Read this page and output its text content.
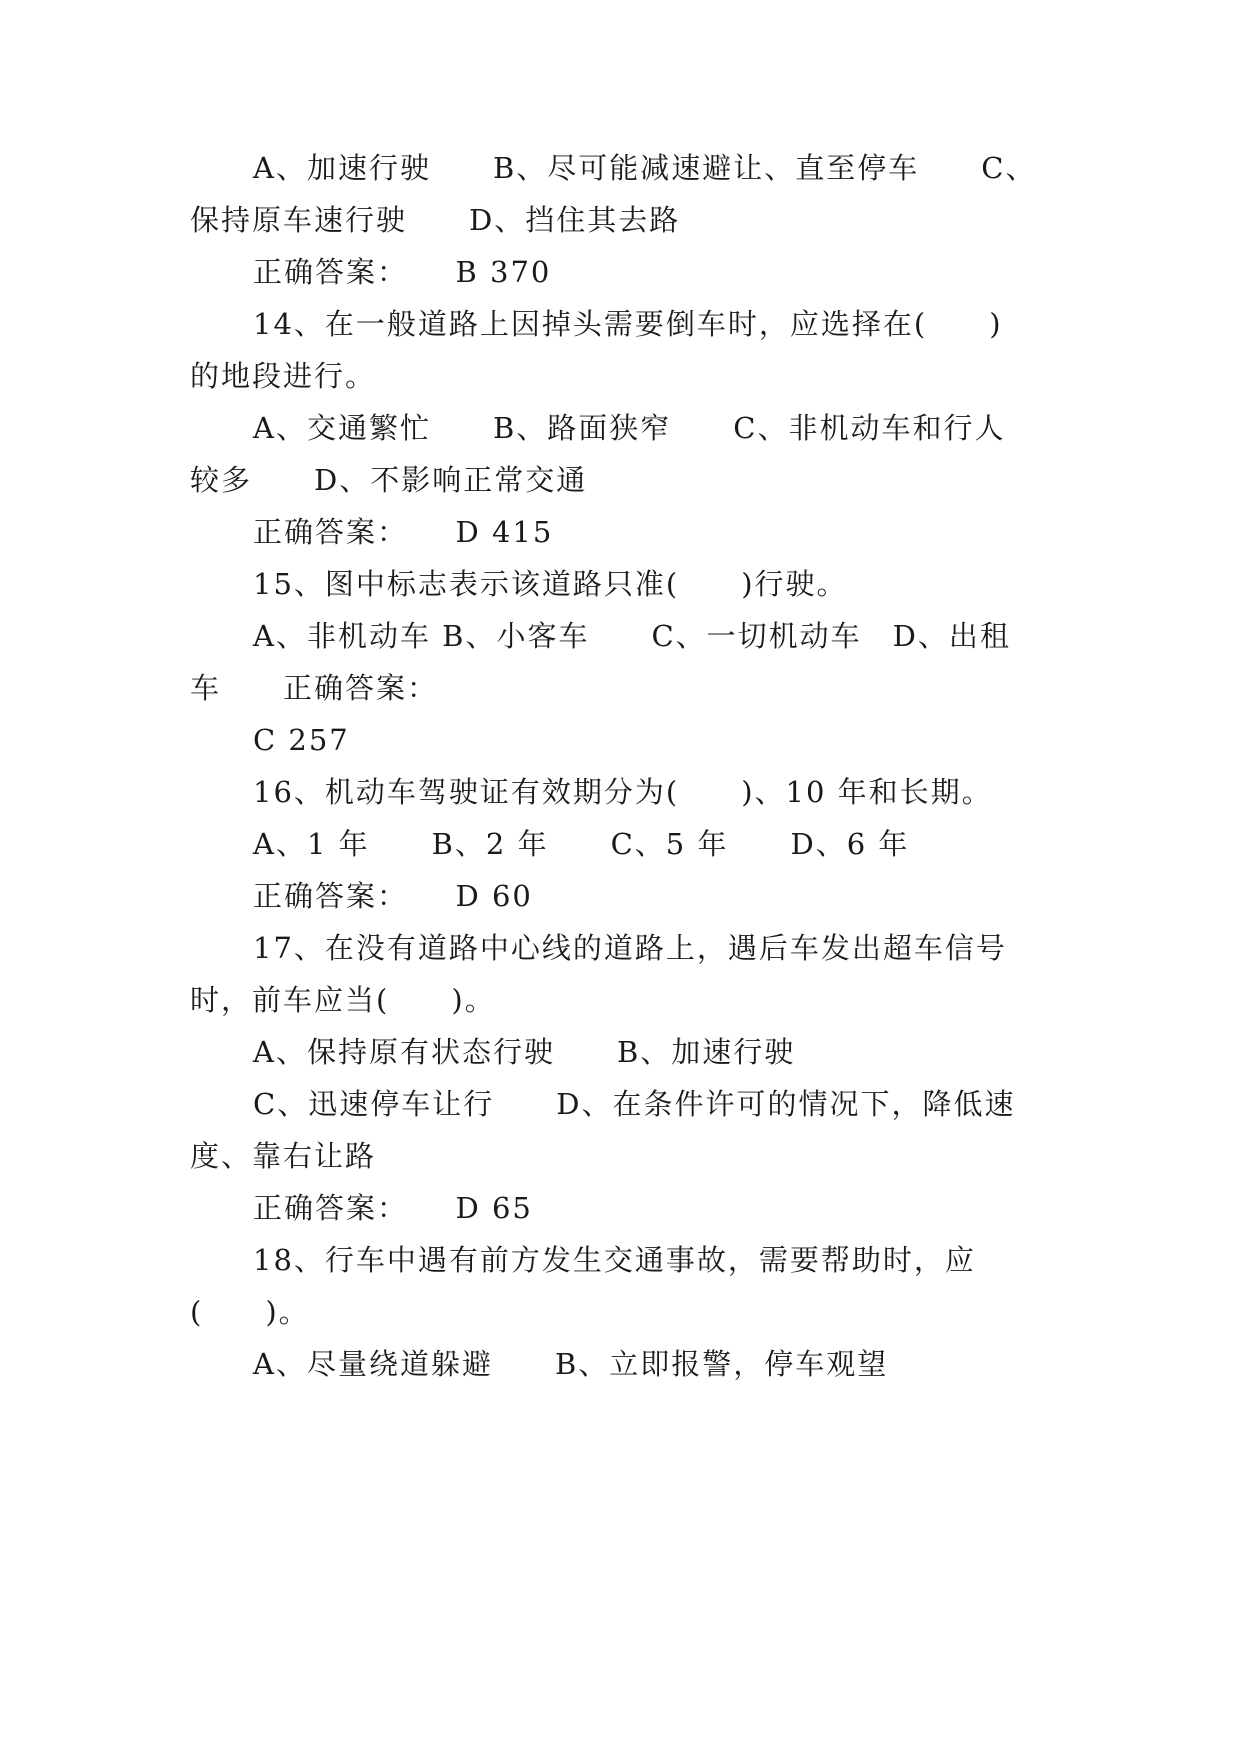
A、加速行驶　　B、尽可能减速避让、直至停车　　C、
保持原车速行驶　　D、挡住其去路
正确答案：　　B 370
14、在一般道路上因掉头需要倒车时，应选择在(　　)
的地段进行。
A、交通繁忙　　B、路面狭窄　　C、非机动车和行人
较多　　D、不影响正常交通
正确答案：　　D 415
15、图中标志表示该道路只准(　　)行驶。
A、非机动车 B、小客车　　C、一切机动车　D、出租
车　　正确答案：
C 257
16、机动车驾驶证有效期分为(　　)、10 年和长期。
A、1 年　　B、2 年　　C、5 年　　D、6 年
正确答案：　　D 60
17、在没有道路中心线的道路上，遇后车发出超车信号
时，前车应当(　　)。
A、保持原有状态行驶　　B、加速行驶
C、迅速停车让行　　D、在条件许可的情况下，降低速
度、靠右让路
正确答案：　　D 65
18、行车中遇有前方发生交通事故，需要帮助时，应
(　　)。
A、尽量绕道躲避　　B、立即报警，停车观望
